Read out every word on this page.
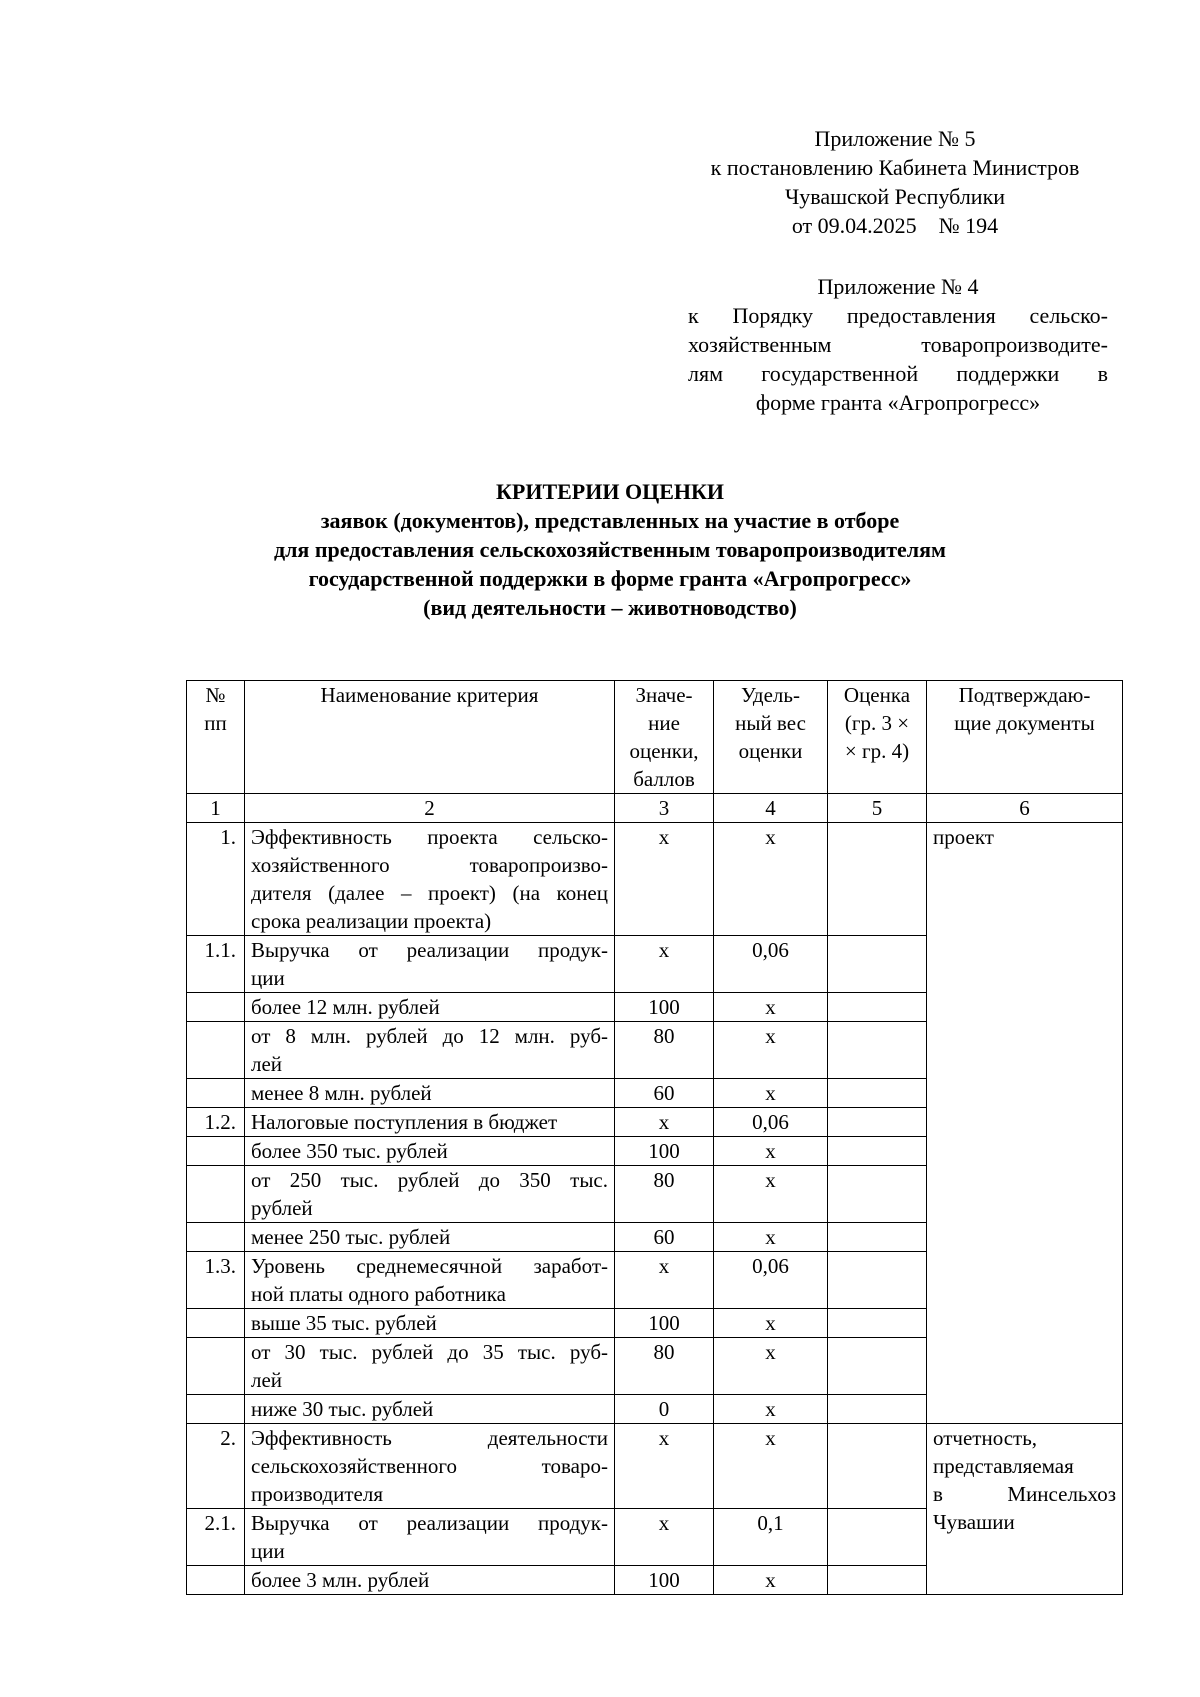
Приложение № 5

к постановлению Кабинета Министров

Чувашской Республики

от 09.04.2025    № 194

Приложение № 4

к Порядку предоставления сельско-

хозяйственным товаропроизводите-

лям государственной поддержки в

форме гранта «Агропрогресс»

КРИТЕРИИ ОЦЕНКИ

заявок (документов), представленных на участие в отборе

для предоставления сельскохозяйственным товаропроизводителям

государственной поддержки в форме гранта «Агропрогресс»

(вид деятельности – животноводство)

№
пп	Наименование критерия	Значе-
ние
оценки,
баллов	Удель-
ный вес
оценки	Оценка
(гр. 3 ×
× гр. 4)	Подтверждаю-
щие документы

1	2	3	4	5	6
1.	Эффективность проекта сельско-
хозяйственного товаропроизво-
дителя (далее – проект) (на конец
срока реализации проекта)	х	х		проект
1.1.	Выручка от реализации продук-
ции	х	0,06		

	более 12 млн. рублей	100	х		

	от 8 млн. рублей до 12 млн. руб-
лей	80	х		

	менее 8 млн. рублей	60	х		
1.2.	Налоговые поступления в бюджет	х	0,06		

	более 350 тыс. рублей	100	х		

	от 250 тыс. рублей до 350 тыс.
рублей	80	х		

	менее 250 тыс. рублей	60	х		
1.3.	Уровень среднемесячной заработ-
ной платы одного работника	х	0,06		

	выше 35 тыс. рублей	100	х		

	от 30 тыс. рублей до 35 тыс. руб-
лей	80	х		

	ниже 30 тыс. рублей	0	х		
2.	Эффективность деятельности
сельскохозяйственного товаро-
производителя	х	х		отчетность,
представляемая
в Минсельхоз
Чувашии

2.1.	Выручка от реализации продук-
ции	х	0,1		

	более 3 млн. рублей	100	х		
